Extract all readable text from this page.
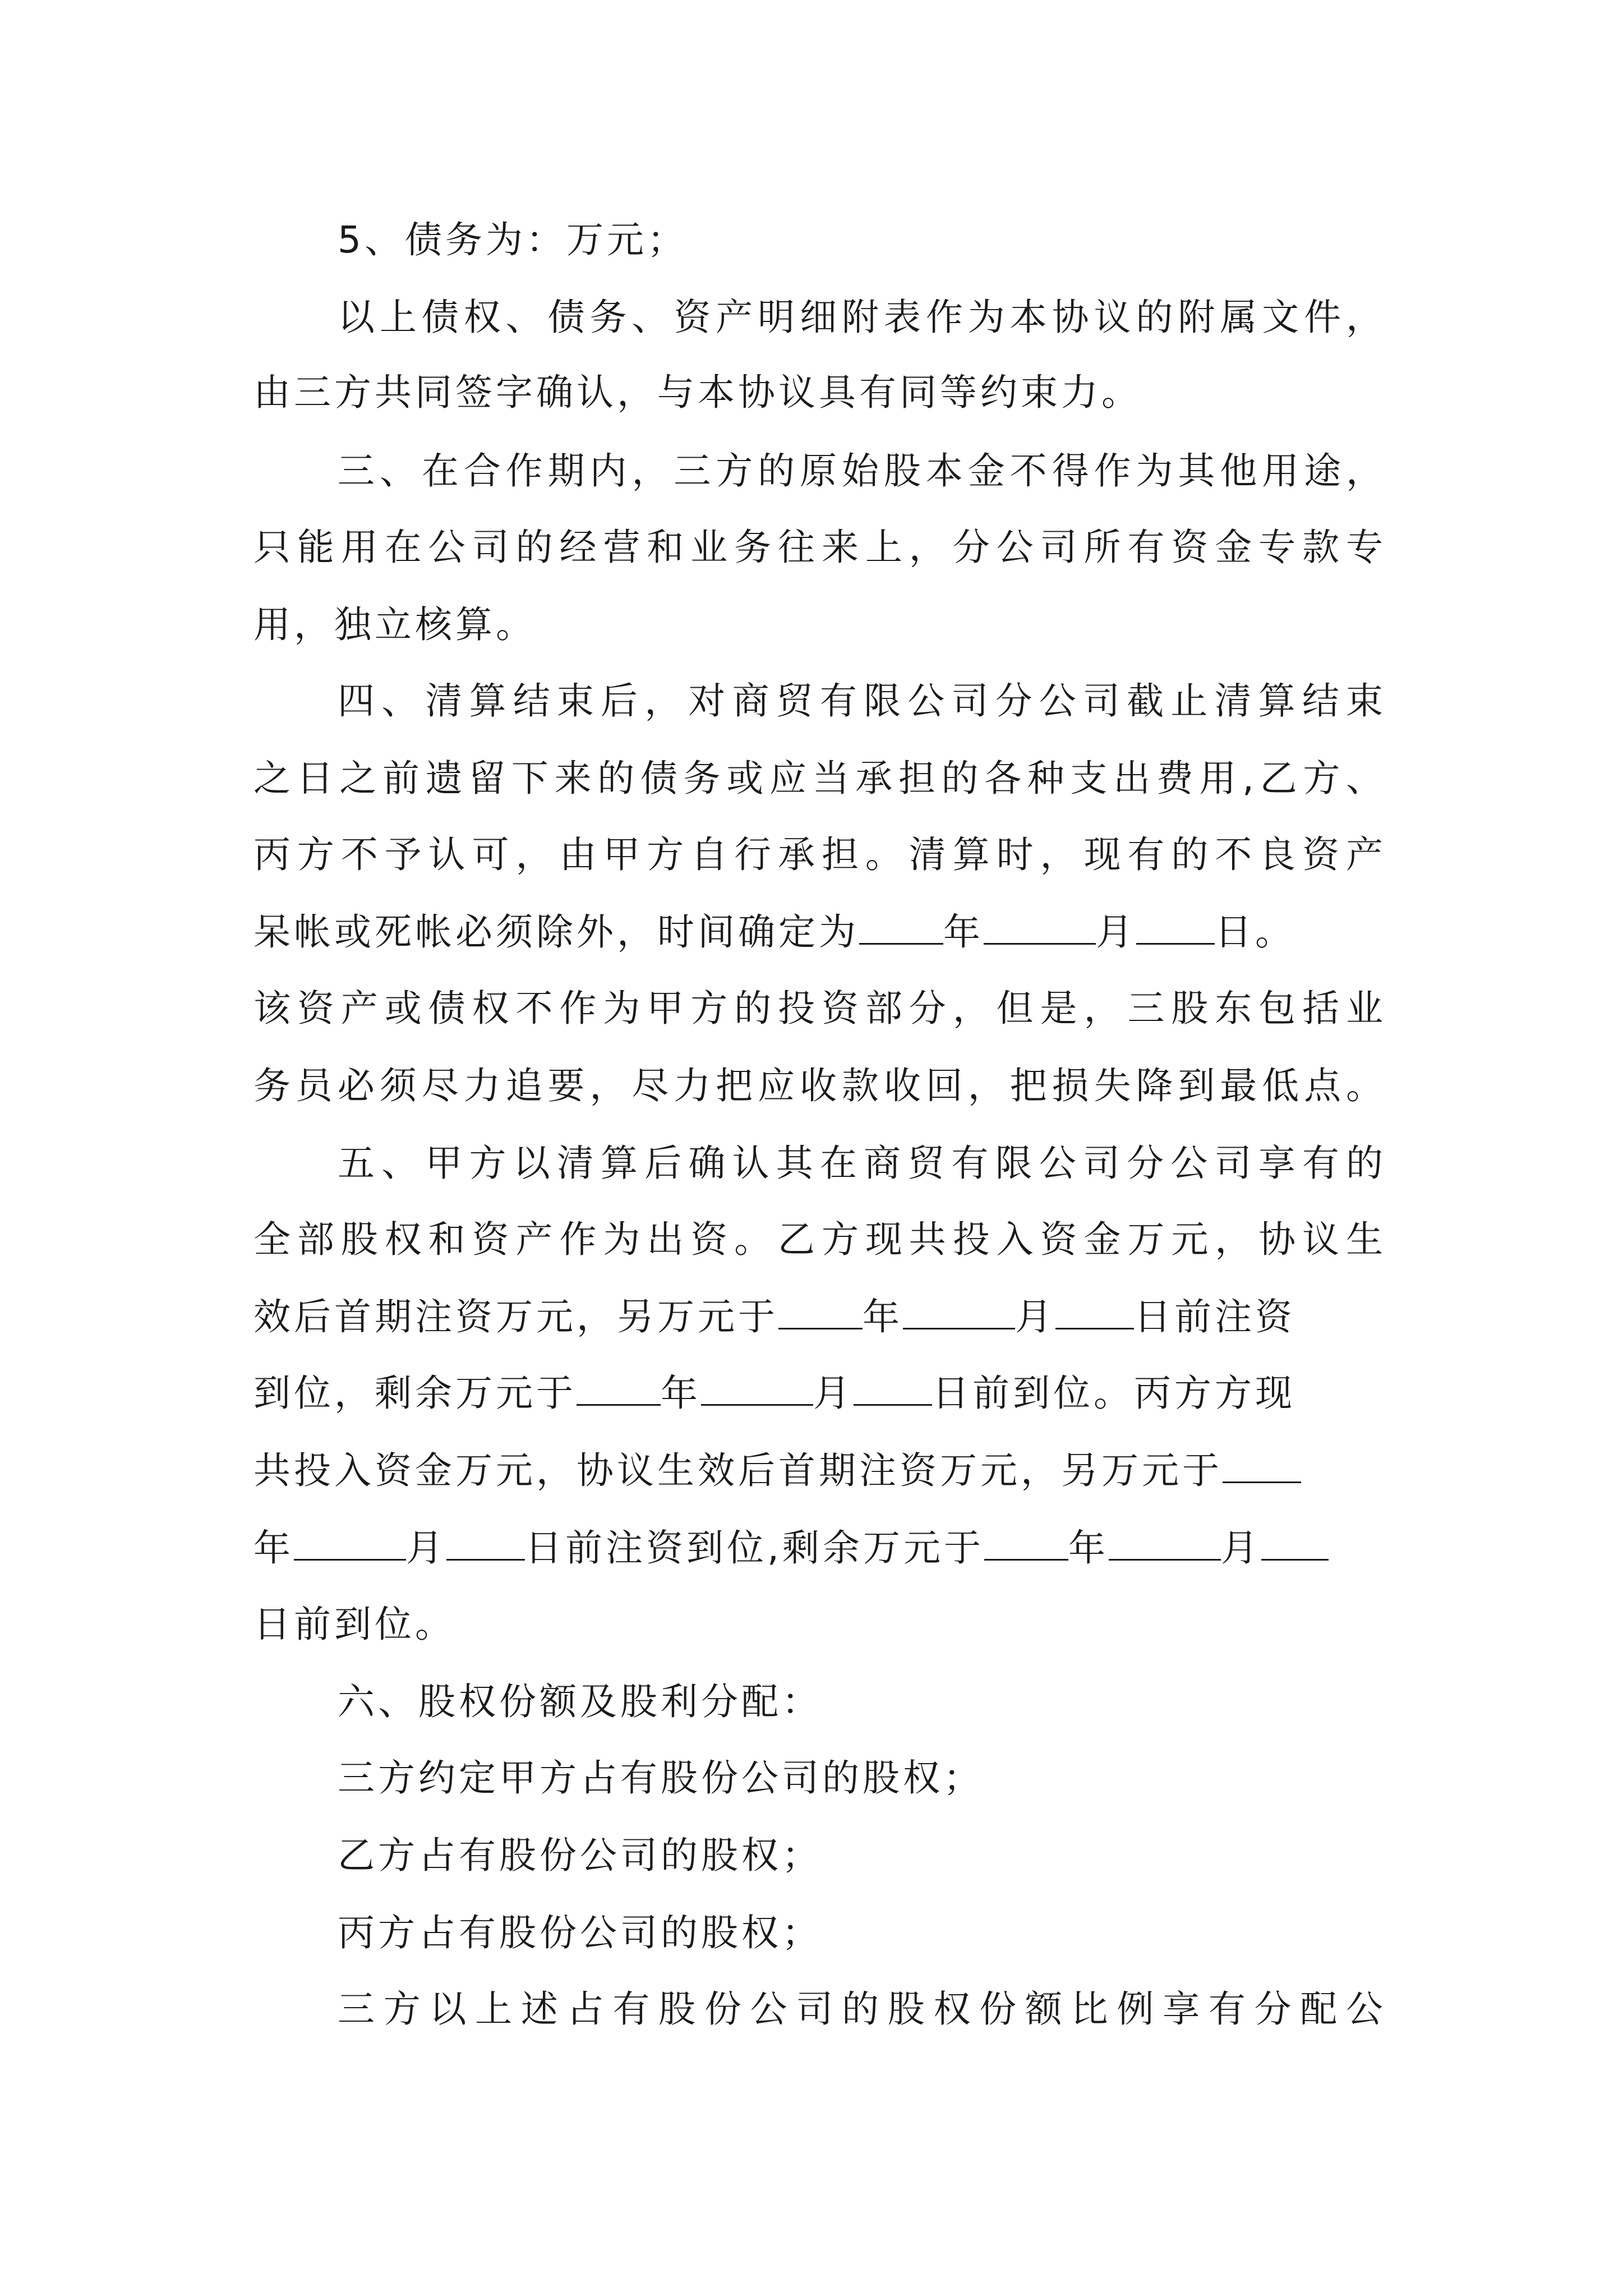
5、债务为：万元；
以上债权、债务、资产明细附表作为本协议的附属文件，
由三方共同签字确认，与本协议具有同等约束力。
三、在合作期内，三方的原始股本金不得作为其他用途，
只能用在公司的经营和业务往来上，分公司所有资金专款专
用，独立核算。
四、清算结束后，对商贸有限公司分公司截止清算结束
之日之前遗留下来的债务或应当承担的各种支出费用,乙方、
丙方不予认可，由甲方自行承担。清算时，现有的不良资产
呆帐或死帐必须除外，时间确定为 年	月 日。
该资产或债权不作为甲方的投资部分，但是，三股东包括业
务员必须尽力追要，尽力把应收款收回，把损失降到最低点。
五、甲方以清算后确认其在商贸有限公司分公司享有的
全部股权和资产作为出资。乙方现共投入资金万元，协议生
效后首期注资万元，另万元于 年	月 日前注资
到位，剩余万元于 年	月 日前到位。丙方方现
共投入资金万元，协议生效后首期注资万元，另万元于
年	月 日前注资到位,剩余万元于 年	月
日前到位。
六、股权份额及股利分配：
三方约定甲方占有股份公司的股权；
乙方占有股份公司的股权；
丙方占有股份公司的股权；
三方以上述占有股份公司的股权份额比例享有分配公
